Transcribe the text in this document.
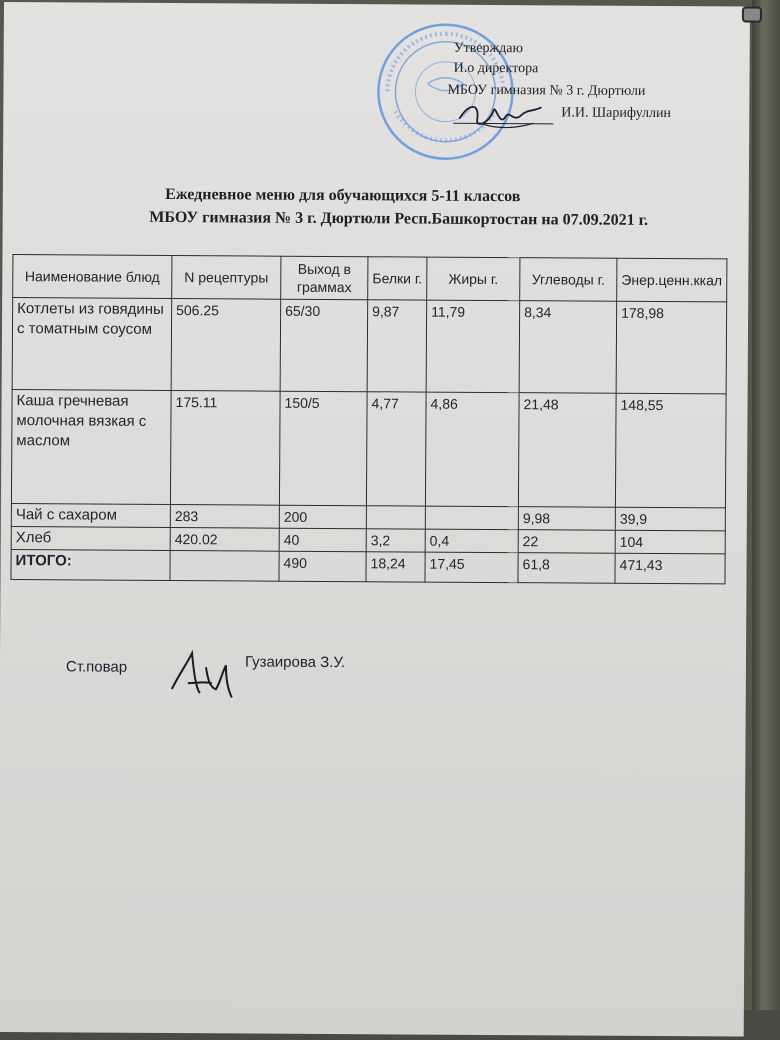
Утверждаю
И.о директора
МБОУ гимназия № 3 г. Дюртюли
И.И. Шарифуллин
Ежедневное меню для обучающихся 5-11 классов
МБОУ гимназия № 3 г. Дюртюли Респ.Башкортостан на 07.09.2021 г.
Наименование блюд	N рецептуры	Выход в граммах	Белки г.	Жиры г.	Углеводы г.	Энер.ценн.ккал
Котлеты из говядины с томатным соусом	506.25	65/30	9,87	11,79	8,34	178,98
Каша гречневая молочная вязкая с маслом	175.11	150/5	4,77	4,86	21,48	148,55
Чай с сахаром	283	200			9,98	39,9
Хлеб	420.02	40	3,2	0,4	22	104
ИТОГО:		490	18,24	17,45	61,8	471,43
Ст.повар	Гузаирова З.У.
